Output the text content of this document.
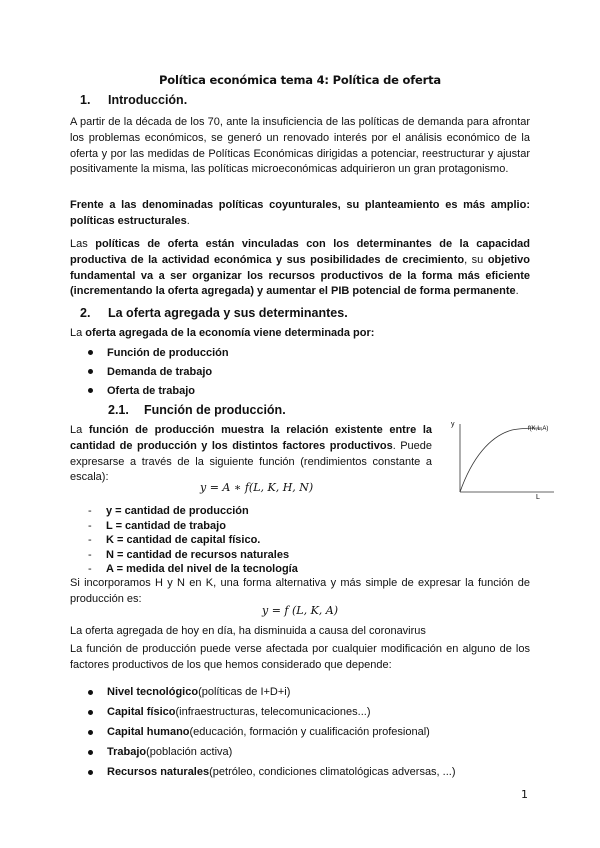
Política económica tema 4: Política de oferta
1. Introducción.
A partir de la década de los 70, ante la insuficiencia de las políticas de demanda para afrontar los problemas económicos, se generó un renovado interés por el análisis económico de la oferta y por las medidas de Políticas Económicas dirigidas a potenciar, reestructurar y ajustar positivamente la misma, las políticas microeconómicas adquirieron un gran protagonismo.
Frente a las denominadas políticas coyunturales, su planteamiento es más amplio: políticas estructurales.
Las políticas de oferta están vinculadas con los determinantes de la capacidad productiva de la actividad económica y sus posibilidades de crecimiento, su objetivo fundamental va a ser organizar los recursos productivos de la forma más eficiente (incrementando la oferta agregada) y aumentar el PIB potencial de forma permanente.
2. La oferta agregada y sus determinantes.
La oferta agregada de la economía viene determinada por:
Función de producción
Demanda de trabajo
Oferta de trabajo
2.1. Función de producción.
La función de producción muestra la relación existente entre la cantidad de producción y los distintos factores productivos. Puede expresarse a través de la siguiente función (rendimientos constante a escala):
y = A ∗ f(L, K, H, N)
y
L
f(K,L,A)
-	y = cantidad de producción
-	L = cantidad de trabajo
-	K = cantidad de capital físico.
-	N = cantidad de recursos naturales
-	A = medida del nivel de la tecnología
Si incorporamos H y N en K, una forma alternativa y más simple de expresar la función de producción es:
y = f (L, K, A)
La oferta agregada de hoy en día, ha disminuida a causa del coronavirus
La función de producción puede verse afectada por cualquier modificación en alguno de los factores productivos de los que hemos considerado que depende:
Nivel tecnológico (políticas de I+D+i)
Capital físico (infraestructuras, telecomunicaciones...)
Capital humano (educación, formación y cualificación profesional)
Trabajo (población activa)
Recursos naturales (petróleo, condiciones climatológicas adversas, ...)
1
